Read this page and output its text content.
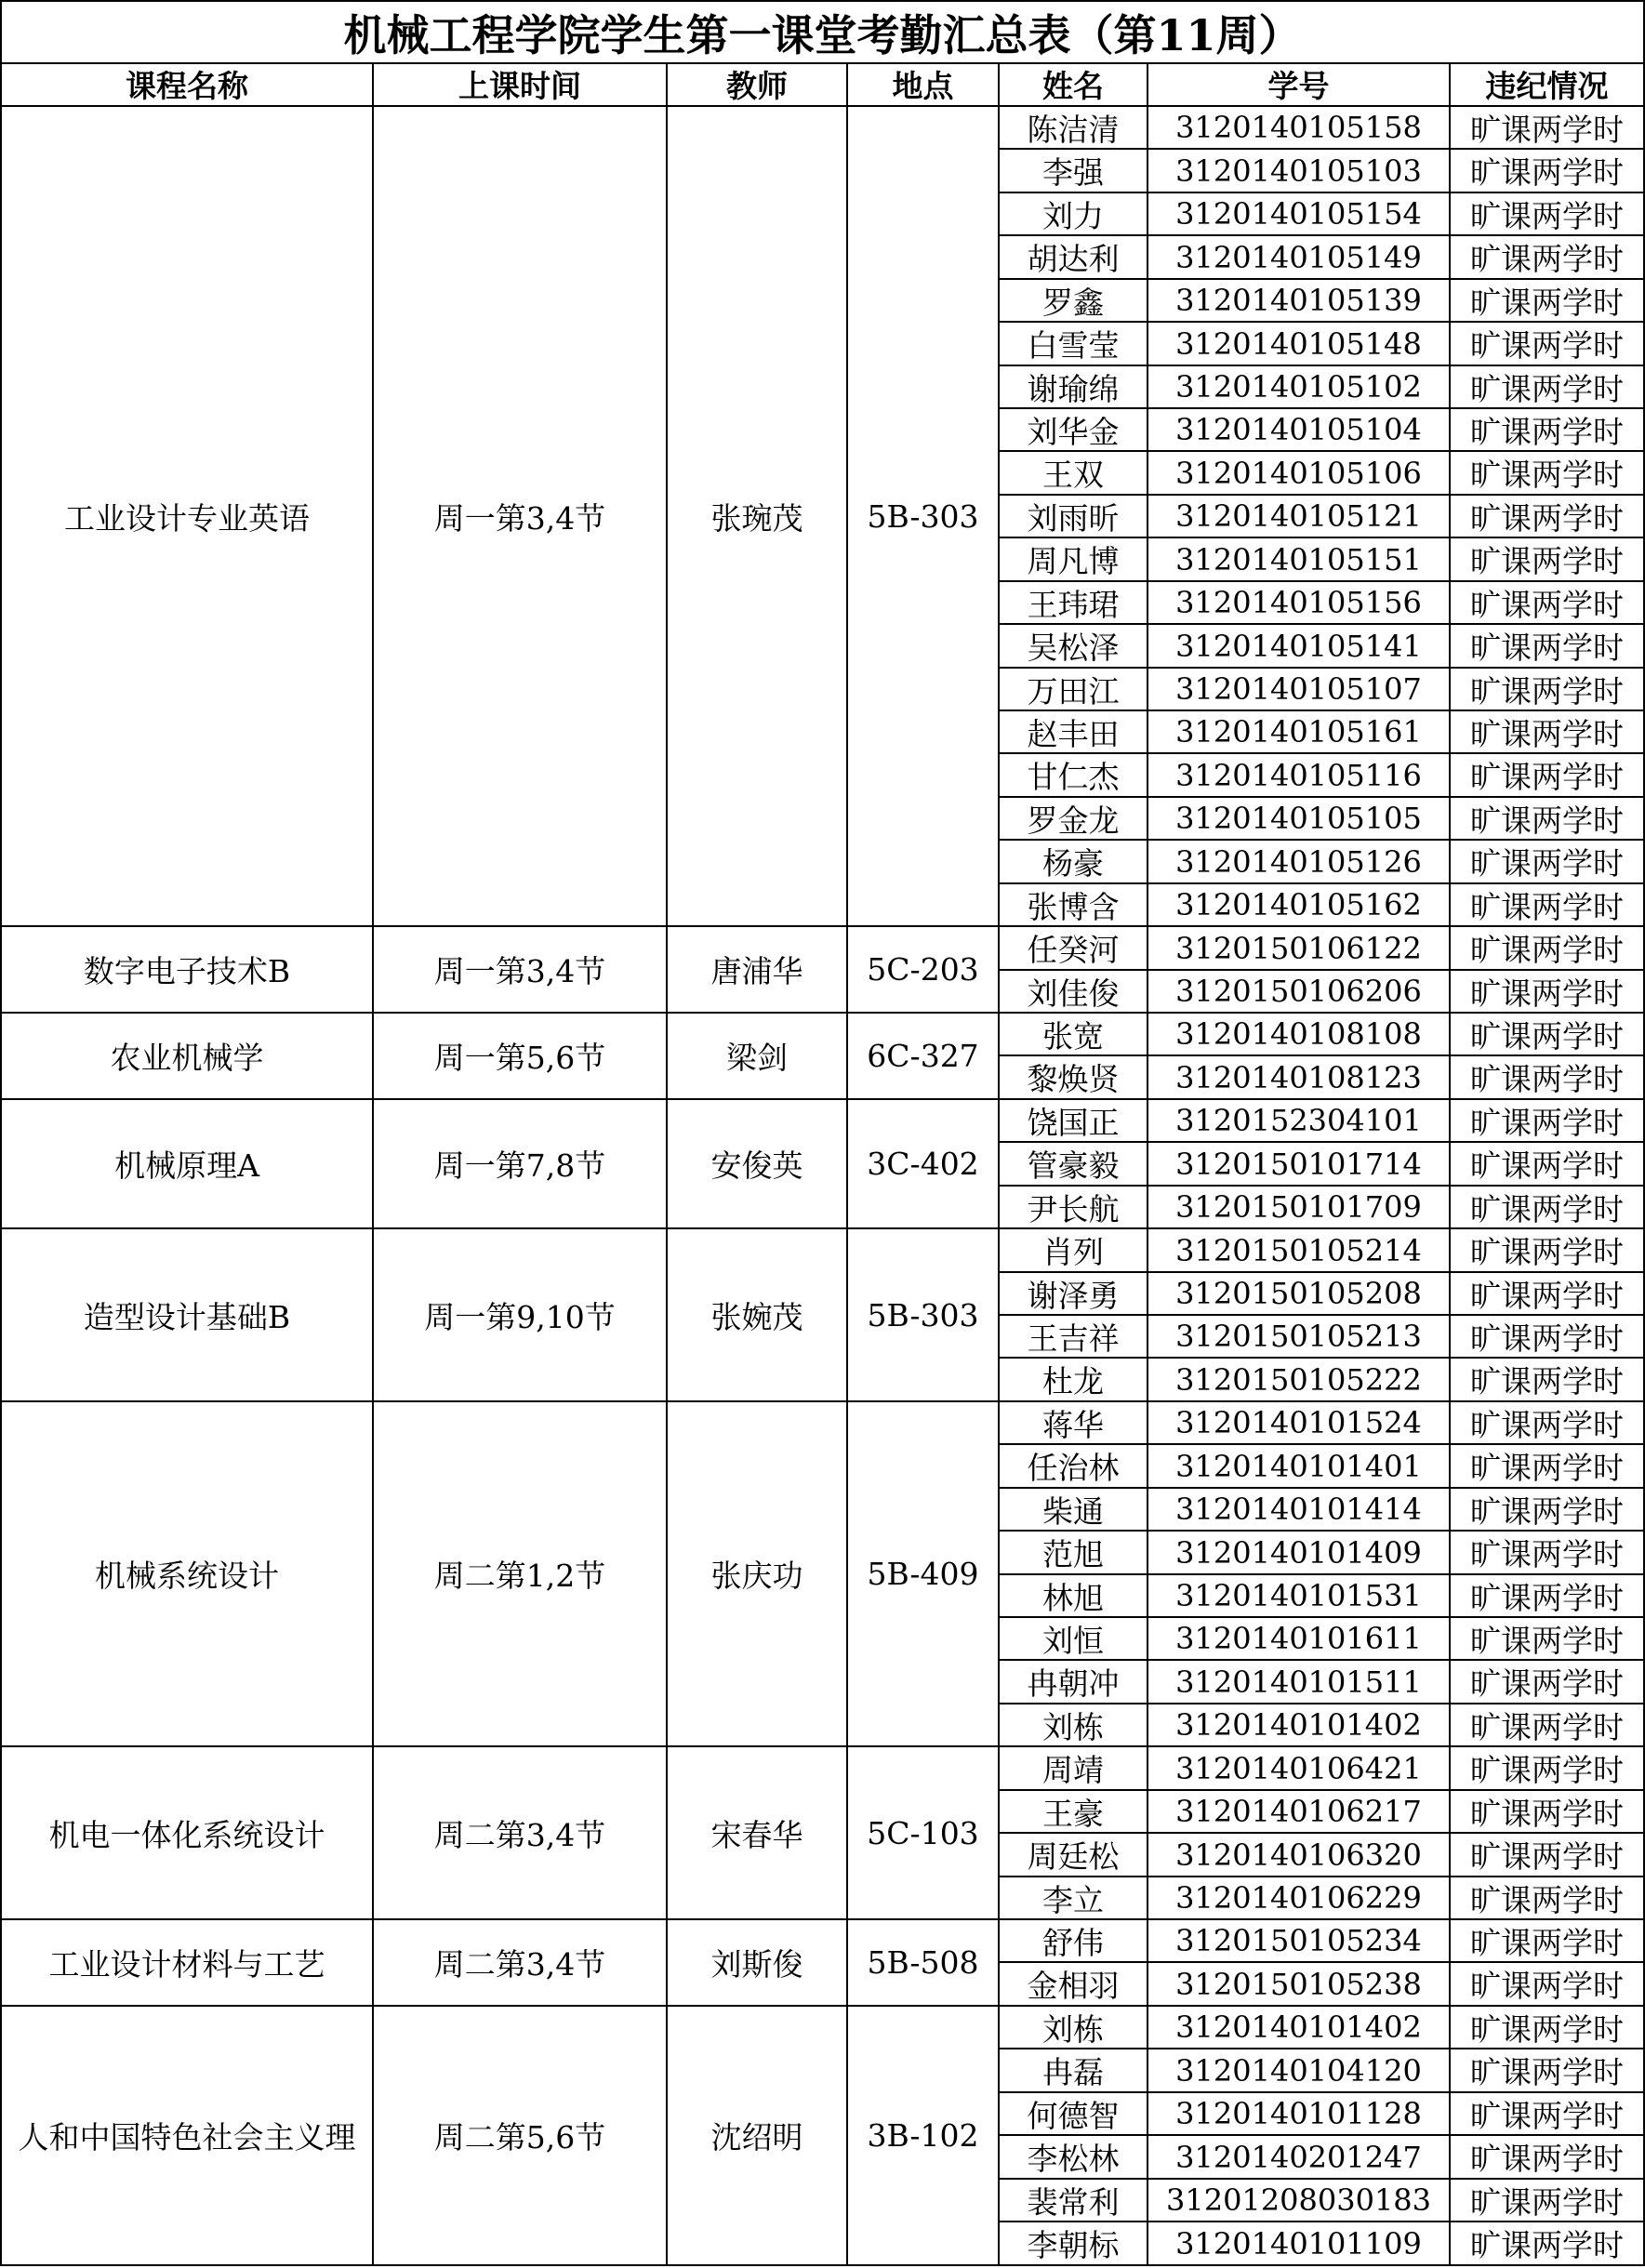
机械工程学院学生第一课堂考勤汇总表（第11周）
课程名称	上课时间	教师	地点	姓名	学号	违纪情况
工业设计专业英语	周一第3,4节	张琬茂	5B-303
陈洁清	3120140105158	旷课两学时
李强	3120140105103	旷课两学时
刘力	3120140105154	旷课两学时
胡达利	3120140105149	旷课两学时
罗鑫	3120140105139	旷课两学时
白雪莹	3120140105148	旷课两学时
谢瑜绵	3120140105102	旷课两学时
刘华金	3120140105104	旷课两学时
王双	3120140105106	旷课两学时
刘雨昕	3120140105121	旷课两学时
周凡博	3120140105151	旷课两学时
王玮珺	3120140105156	旷课两学时
吴松泽	3120140105141	旷课两学时
万田江	3120140105107	旷课两学时
赵丰田	3120140105161	旷课两学时
甘仁杰	3120140105116	旷课两学时
罗金龙	3120140105105	旷课两学时
杨豪	3120140105126	旷课两学时
张博含	3120140105162	旷课两学时
数字电子技术B	周一第3,4节	唐浦华	5C-203
任癸河	3120150106122	旷课两学时
刘佳俊	3120150106206	旷课两学时
农业机械学	周一第5,6节	梁剑	6C-327
张宽	3120140108108	旷课两学时
黎焕贤	3120140108123	旷课两学时
机械原理A	周一第7,8节	安俊英	3C-402
饶国正	3120152304101	旷课两学时
管豪毅	3120150101714	旷课两学时
尹长航	3120150101709	旷课两学时
造型设计基础B	周一第9,10节	张婉茂	5B-303
肖列	3120150105214	旷课两学时
谢泽勇	3120150105208	旷课两学时
王吉祥	3120150105213	旷课两学时
杜龙	3120150105222	旷课两学时
机械系统设计	周二第1,2节	张庆功	5B-409
蒋华	3120140101524	旷课两学时
任治林	3120140101401	旷课两学时
柴通	3120140101414	旷课两学时
范旭	3120140101409	旷课两学时
林旭	3120140101531	旷课两学时
刘恒	3120140101611	旷课两学时
冉朝冲	3120140101511	旷课两学时
刘栋	3120140101402	旷课两学时
机电一体化系统设计	周二第3,4节	宋春华	5C-103
周靖	3120140106421	旷课两学时
王豪	3120140106217	旷课两学时
周廷松	3120140106320	旷课两学时
李立	3120140106229	旷课两学时
工业设计材料与工艺	周二第3,4节	刘斯俊	5B-508
舒伟	3120150105234	旷课两学时
金相羽	3120150105238	旷课两学时
人和中国特色社会主义理	周二第5,6节	沈绍明	3B-102
刘栋	3120140101402	旷课两学时
冉磊	3120140104120	旷课两学时
何德智	3120140101128	旷课两学时
李松林	3120140201247	旷课两学时
裴常利	31201208030183	旷课两学时
李朝标	3120140101109	旷课两学时
